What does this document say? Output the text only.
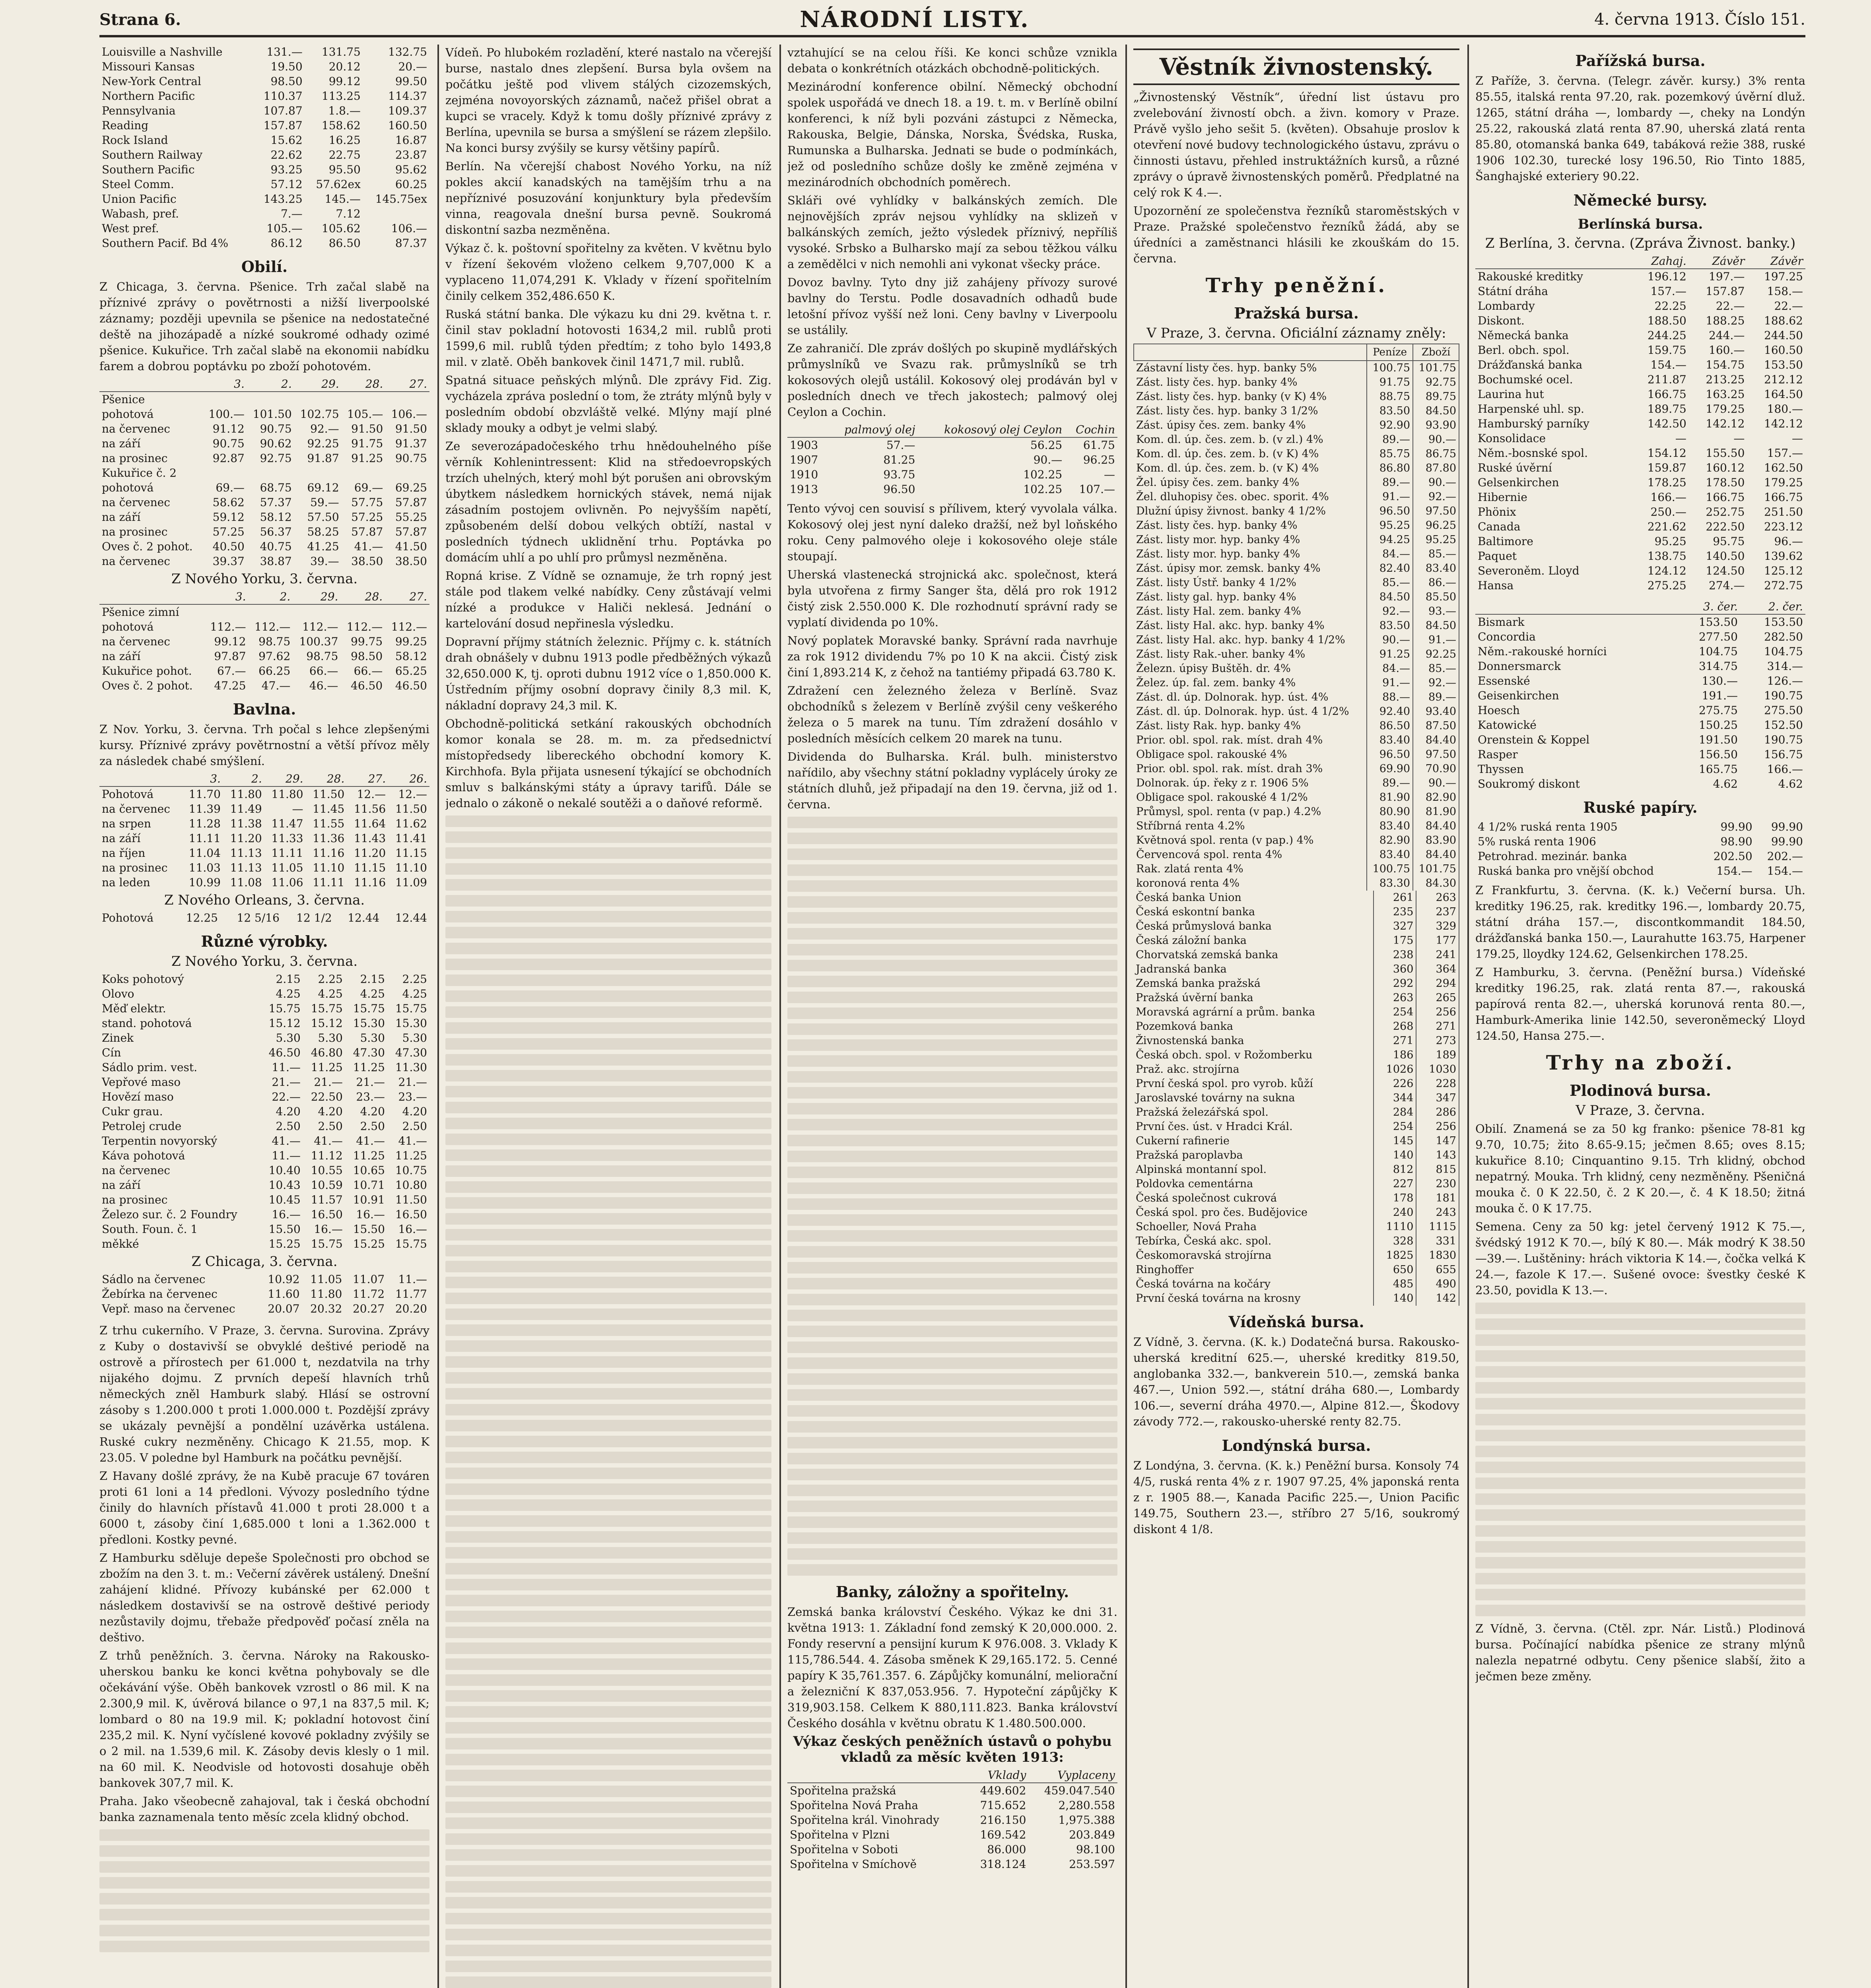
Strana 6.	NÁRODNÍ LISTY.	4. června 1913. Číslo 151.
Louisville a Nashville	131.—	131.75	132.75
Missouri Kansas	19.50	20.12	20.—
New-York Central	98.50	99.12	99.50
Northern Pacific	110.37	113.25	114.37
Pennsylvania	107.87	1.8.—	109.37
Reading	157.87	158.62	160.50
Rock Island	15.62	16.25	16.87
Southern Railway	22.62	22.75	23.87
Southern Pacific	93.25	95.50	95.62
Steel Comm.	57.12	57.62ex	60.25
Union Pacific	143.25	145.—	145.75ex
Wabash, pref.	7.—	7.12	
West pref.	105.—	105.62	106.—
Southern Pacif. Bd 4%	86.12	86.50	87.37
Obilí.

Z Chicaga, 3. června. Pšenice. Trh začal slabě na příznivé zprávy o povětrnosti a nižší liverpoolské záznamy; později upevnila se pšenice na nedostatečné deště na jihozápadě a nízké soukromé odhady ozimé pšenice. Kukuřice. Trh začal slabě na ekonomii nabídku farem a dobrou poptávku po zboží pohotovém.

	3.	2.	29.	28.	27.
Pšenice					
pohotová	100.—	101.50	102.75	105.—	106.—
na červenec	91.12	90.75	92.—	91.50	91.50
na září	90.75	90.62	92.25	91.75	91.37
na prosinec	92.87	92.75	91.87	91.25	90.75
Kukuřice č. 2					
pohotová	69.—	68.75	69.12	69.—	69.25
na červenec	58.62	57.37	59.—	57.75	57.87
na září	59.12	58.12	57.50	57.25	55.25
na prosinec	57.25	56.37	58.25	57.87	57.87
Oves č. 2 pohot.	40.50	40.75	41.25	41.—	41.50
na červenec	39.37	38.87	39.—	38.50	38.50
Z Nového Yorku, 3. června.
	3.	2.	29.	28.	27.
Pšenice zimní					
pohotová	112.—	112.—	112.—	112.—	112.—
na červenec	99.12	98.75	100.37	99.75	99.25
na září	97.87	97.62	98.75	98.50	58.12
Kukuřice pohot.	67.—	66.25	66.—	66.—	65.25
Oves č. 2 pohot.	47.25	47.—	46.—	46.50	46.50
Bavlna.

Z Nov. Yorku, 3. června. Trh počal s lehce zlepšenými kursy. Příznivé zprávy povětrnostní a větší přívoz měly za následek chabé smýšlení.

	3.	2.	29.	28.	27.	26.
Pohotová	11.70	11.80	11.80	11.50	12.—	12.—
na červenec	11.39	11.49	—	11.45	11.56	11.50
na srpen	11.28	11.38	11.47	11.55	11.64	11.62
na září	11.11	11.20	11.33	11.36	11.43	11.41
na říjen	11.04	11.13	11.11	11.16	11.20	11.15
na prosinec	11.03	11.13	11.05	11.10	11.15	11.10
na leden	10.99	11.08	11.06	11.11	11.16	11.09
Z Nového Orleans, 3. června.
Pohotová	12.25	12 5/16	12 1/2	12.44	12.44
Různé výrobky.
Z Nového Yorku, 3. června.
Koks pohotový	2.15	2.25	2.15	2.25
Olovo	4.25	4.25	4.25	4.25
Měď elektr.	15.75	15.75	15.75	15.75
stand. pohotová	15.12	15.12	15.30	15.30
Zinek	5.30	5.30	5.30	5.30
Cín	46.50	46.80	47.30	47.30
Sádlo prim. vest.	11.—	11.25	11.25	11.30
Vepřové maso	21.—	21.—	21.—	21.—
Hovězí maso	22.—	22.50	23.—	23.—
Cukr grau.	4.20	4.20	4.20	4.20
Petrolej crude	2.50	2.50	2.50	2.50
Terpentin novyorský	41.—	41.—	41.—	41.—
Káva pohotová	11.—	11.12	11.25	11.25
na červenec	10.40	10.55	10.65	10.75
na září	10.43	10.59	10.71	10.80
na prosinec	10.45	11.57	10.91	11.50
Železo sur. č. 2 Foundry	16.—	16.50	16.—	16.50
South. Foun. č. 1	15.50	16.—	15.50	16.—
měkké	15.25	15.75	15.25	15.75
Z Chicaga, 3. června.
Sádlo na červenec	10.92	11.05	11.07	11.—
Žebírka na červenec	11.60	11.80	11.72	11.77
Vepř. maso na červenec	20.07	20.32	20.27	20.20

Z trhu cukerního. V Praze, 3. června. Surovina. Zprávy z Kuby o dostavivší se obvyklé deštivé periodě na ostrově a přírostech per 61.000 t, nezdatvila na trhy nijakého dojmu. Z prvních depeší hlavních trhů německých zněl Hamburk slabý. Hlásí se ostrovní zásoby s 1.200.000 t proti 1.000.000 t. Pozdější zprávy se ukázaly pevnější a pondělní uzávěrka ustálena. Ruské cukry nezměněny. Chicago K 21.55, mop. K 23.05. V poledne byl Hamburk na počátku pevnější.

Z Havany došlé zprávy, že na Kubě pracuje 67 továren proti 61 loni a 14 předloni. Vývozy posledního týdne činily do hlavních přístavů 41.000 t proti 28.000 t a 6000 t, zásoby činí 1,685.000 t loni a 1.362.000 t předloni. Kostky pevné.

Z Hamburku sděluje depeše Společnosti pro obchod se zbožím na den 3. t. m.: Večerní závěrek ustálený. Dnešní zahájení klidné. Přívozy kubánské per 62.000 t následkem dostavivší se na ostrově deštivé periody nezůstavily dojmu, třebaže předpověď počasí zněla na deštivo.

Z trhů peněžních. 3. června. Nároky na Rakousko-uherskou banku ke konci května pohybovaly se dle očekávání výše. Oběh bankovek vzrostl o 86 mil. K na 2.300,9 mil. K, úvěrová bilance o 97,1 na 837,5 mil. K; lombard o 80 na 19.9 mil. K; pokladní hotovost činí 235,2 mil. K. Nyní vyčíslené kovové pokladny zvýšily se o 2 mil. na 1.539,6 mil. K. Zásoby devis klesly o 1 mil. na 60 mil. K. Neodvisle od hotovosti dosahuje oběh bankovek 307,7 mil. K.

Praha. Jako všeobecně zahajoval, tak i česká obchodní banka zaznamenala tento měsíc zcela klidný obchod.

Vídeň. Po hlubokém rozladění, které nastalo na včerejší burse, nastalo dnes zlepšení. Bursa byla ovšem na počátku ještě pod vlivem stálých cizozemských, zejména novoyorských záznamů, načež přišel obrat a kupci se vracely. Když k tomu došly příznivé zprávy z Berlína, upevnila se bursa a smýšlení se rázem zlepšilo. Na konci bursy zvýšily se kursy většiny papírů.

Berlín. Na včerejší chabost Nového Yorku, na níž pokles akcií kanadských na tamějším trhu a na nepříznivé posuzování konjunktury byla především vinna, reagovala dnešní bursa pevně. Soukromá diskontní sazba nezměněna.

Výkaz č. k. poštovní spořitelny za květen. V květnu bylo v řízení šekovém vloženo celkem 9,707,000 K a vyplaceno 11,074,291 K. Vklady v řízení spořitelním činily celkem 352,486.650 K.

Ruská státní banka. Dle výkazu ku dni 29. května t. r. činil stav pokladní hotovosti 1634,2 mil. rublů proti 1599,6 mil. rublů týden předtím; z toho bylo 1493,8 mil. v zlatě. Oběh bankovek činil 1471,7 mil. rublů.

Spatná situace peňských mlýnů. Dle zprávy Fid. Zig. vycházela zpráva poslední o tom, že ztráty mlýnů byly v posledním období obzvláště velké. Mlýny mají plné sklady mouky a odbyt je velmi slabý.

Ze severozápadočeského trhu hnědouhelného píše věrník Kohlenintressent: Klid na středoevropských trzích uhelných, který mohl být porušen ani obrovským úbytkem následkem hornických stávek, nemá nijak zásadním postojem ovlivněn. Po nejvyšším napětí, způsobeném delší dobou velkých obtíží, nastal v posledních týdnech uklidnění trhu. Poptávka po domácím uhlí a po uhlí pro průmysl nezměněna.

Ropná krise. Z Vídně se oznamuje, že trh ropný jest stále pod tlakem velké nabídky. Ceny zůstávají velmi nízké a produkce v Haliči neklesá. Jednání o kartelování dosud nepřinesla výsledku.

Dopravní příjmy státních železnic. Příjmy c. k. státních drah obnášely v dubnu 1913 podle předběžných výkazů 32,650.000 K, tj. oproti dubnu 1912 více o 1,850.000 K. Ústředním příjmy osobní dopravy činily 8,3 mil. K, nákladní dopravy 24,3 mil. K.

Obchodně-politická setkání rakouských obchodních komor konala se 28. m. m. za předsednictví místopředsedy libereckého obchodní komory K. Kirchhofa. Byla přijata usnesení týkající se obchodních smluv s balkánskými státy a úpravy tarifů. Dále se jednalo o zákoně o nekalé soutěži a o daňové reformě.

vztahující se na celou říši. Ke konci schůze vznikla debata o konkrétních otázkách obchodně-politických.

Mezinárodní konference obilní. Německý obchodní spolek uspořádá ve dnech 18. a 19. t. m. v Berlíně obilní konferenci, k níž byli pozváni zástupci z Německa, Rakouska, Belgie, Dánska, Norska, Švédska, Ruska, Rumunska a Bulharska. Jednati se bude o podmínkách, jež od posledního schůze došly ke změně zejména v mezinárodních obchodních poměrech.

Skláři ové vyhlídky v balkánských zemích. Dle nejnovějších zpráv nejsou vyhlídky na sklizeň v balkánských zemích, ježto výsledek příznivý, nepříliš vysoké. Srbsko a Bulharsko mají za sebou těžkou válku a zemědělci v nich nemohli ani vykonat všecky práce.

Dovoz bavlny. Tyto dny již zahájeny přívozy surové bavlny do Terstu. Podle dosavadních odhadů bude letošní přívoz vyšší než loni. Ceny bavlny v Liverpoolu se ustálily.

Ze zahraničí. Dle zpráv došlých po skupině mydlářských průmyslníků ve Svazu rak. průmyslníků se trh kokosových olejů ustálil. Kokosový olej prodáván byl v posledních dnech ve třech jakostech; palmový olej Ceylon a Cochin.

	palmový olej	kokosový olej Ceylon	Cochin
1903	57.—	56.25	61.75
1907	81.25	90.—	96.25
1910	93.75	102.25	—
1913	96.50	102.25	107.—

Tento vývoj cen souvisí s přílivem, který vyvolala válka. Kokosový olej jest nyní daleko dražší, než byl loňského roku. Ceny palmového oleje i kokosového oleje stále stoupají.

Uherská vlastenecká strojnická akc. společnost, která byla utvořena z firmy Sanger šta, dělá pro rok 1912 čistý zisk 2.550.000 K. Dle rozhodnutí správní rady se vyplatí dividenda po 10%.

Nový poplatek Moravské banky. Správní rada navrhuje za rok 1912 dividendu 7% po 10 K na akcii. Čistý zisk činí 1,893.214 K, z čehož na tantiémy připadá 63.780 K.

Zdražení cen železného železa v Berlíně. Svaz obchodníků s železem v Berlíně zvýšil ceny veškerého železa o 5 marek na tunu. Tím zdražení dosáhlo v posledních měsících celkem 20 marek na tunu.

Dividenda do Bulharska. Král. bulh. ministerstvo nařídilo, aby všechny státní pokladny vyplácely úroky ze státních dluhů, jež připadají na den 19. června, již od 1. června.

Banky, záložny a spořitelny.

Zemská banka království Českého. Výkaz ke dni 31. května 1913: 1. Základní fond zemský K 20,000.000. 2. Fondy reservní a pensijní kurum K 976.008. 3. Vklady K 115,786.544. 4. Zásoba směnek K 29,165.172. 5. Cenné papíry K 35,761.357. 6. Zápůjčky komunální, meliorační a železniční K 837,053.956. 7. Hypoteční zápůjčky K 319,903.158. Celkem K 880,111.823. Banka království Českého dosáhla v květnu obratu K 1.480.500.000.

Výkaz českých peněžních ústavů o pohybu vkladů za měsíc květen 1913:
	Vklady	Vyplaceny
Spořitelna pražská	449.602	459.047.540
Spořitelna Nová Praha	715.652	2,280.558
Spořitelna král. Vinohrady	216.150	1,975.388
Spořitelna v Plzni	169.542	203.849
Spořitelna v Soboti	86.000	98.100
Spořitelna v Smíchově	318.124	253.597
Věstník živnostenský.

„Živnostenský Věstník“, úřední list ústavu pro zvelebování živností obch. a živn. komory v Praze. Právě vyšlo jeho sešit 5. (květen). Obsahuje proslov k otevření nové budovy technologického ústavu, zprávu o činnosti ústavu, přehled instruktážních kursů, a různé zprávy o úpravě živnostenských poměrů. Předplatné na celý rok K 4.—.

Upozornění ze společenstva řezníků staroměstských v Praze. Pražské společenstvo řezníků žádá, aby se úředníci a zaměstnanci hlásili ke zkouškám do 15. června.

Trhy peněžní.
Pražská bursa.
V Praze, 3. června. Oficiální záznamy zněly:
	Peníze	Zboží
Zástavní listy čes. hyp. banky 5%	100.75	101.75
Zást. listy čes. hyp. banky 4%	91.75	92.75
Zást. listy čes. hyp. banky (v K) 4%	88.75	89.75
Zást. listy čes. hyp. banky 3 1/2%	83.50	84.50
Zást. úpisy čes. zem. banky 4%	92.90	93.90
Kom. dl. úp. čes. zem. b. (v zl.) 4%	89.—	90.—
Kom. dl. úp. čes. zem. b. (v K) 4%	85.75	86.75
Kom. dl. úp. čes. zem. b. (v K) 4%	86.80	87.80
Žel. úpisy čes. zem. banky 4%	89.—	90.—
Žel. dluhopisy čes. obec. sporit. 4%	91.—	92.—
Dlužní úpisy živnost. banky 4 1/2%	96.50	97.50
Zást. listy čes. hyp. banky 4%	95.25	96.25
Zást. listy mor. hyp. banky 4%	94.25	95.25
Zást. listy mor. hyp. banky 4%	84.—	85.—
Zást. úpisy mor. zemsk. banky 4%	82.40	83.40
Zást. listy Ústř. banky 4 1/2%	85.—	86.—
Zást. listy gal. hyp. banky 4%	84.50	85.50
Zást. listy Hal. zem. banky 4%	92.—	93.—
Zást. listy Hal. akc. hyp. banky 4%	83.50	84.50
Zást. listy Hal. akc. hyp. banky 4 1/2%	90.—	91.—
Zást. listy Rak.-uher. banky 4%	91.25	92.25
Železn. úpisy Buštěh. dr. 4%	84.—	85.—
Želez. úp. fal. zem. banky 4%	91.—	92.—
Zást. dl. úp. Dolnorak. hyp. úst. 4%	88.—	89.—
Zást. dl. úp. Dolnorak. hyp. úst. 4 1/2%	92.40	93.40
Zást. listy Rak. hyp. banky 4%	86.50	87.50
Prior. obl. spol. rak. míst. drah 4%	83.40	84.40
Obligace spol. rakouské 4%	96.50	97.50
Prior. obl. spol. rak. míst. drah 3%	69.90	70.90
Dolnorak. úp. řeky z r. 1906 5%	89.—	90.—
Obligace spol. rakouské 4 1/2%	81.90	82.90
Průmysl, spol. renta (v pap.) 4.2%	80.90	81.90
Stříbrná renta 4.2%	83.40	84.40
Květnová spol. renta (v pap.) 4%	82.90	83.90
Červencová spol. renta 4%	83.40	84.40
Rak. zlatá renta 4%	100.75	101.75
koronová renta 4%	83.30	84.30
Česká banka Union	261	263
Česká eskontní banka	235	237
Česká průmyslová banka	327	329
Česká záložní banka	175	177
Chorvatská zemská banka	238	241
Jadranská banka	360	364
Zemská banka pražská	292	294
Pražská úvěrní banka	263	265
Moravská agrární a prům. banka	254	256
Pozemková banka	268	271
Živnostenská banka	271	273
Česká obch. spol. v Rožomberku	186	189
Praž. akc. strojírna	1026	1030
První česká spol. pro vyrob. kůží	226	228
Jaroslavské továrny na sukna	344	347
Pražská železářská spol.	284	286
První čes. úst. v Hradci Král.	254	256
Cukerní rafinerie	145	147
Pražská paroplavba	140	143
Alpinská montanní spol.	812	815
Poldovka cementárna	227	230
Česká společnost cukrová	178	181
Česká spol. pro čes. Budějovice	240	243
Schoeller, Nová Praha	1110	1115
Tebírka, Česká akc. spol.	328	331
Českomoravská strojírna	1825	1830
Ringhoffer	650	655
Česká továrna na kočáry	485	490
První česká továrna na krosny	140	142
Vídeňská bursa.

Z Vídně, 3. června. (K. k.) Dodatečná bursa. Rakousko-uherská kreditní 625.—, uherské kreditky 819.50, anglobanka 332.—, bankverein 510.—, zemská banka 467.—, Union 592.—, státní dráha 680.—, Lombardy 106.—, severní dráha 4970.—, Alpine 812.—, Škodovy závody 772.—, rakousko-uherské renty 82.75.

Londýnská bursa.

Z Londýna, 3. června. (K. k.) Peněžní bursa. Konsoly 74 4/5, ruská renta 4% z r. 1907 97.25, 4% japonská renta z r. 1905 88.—, Kanada Pacific 225.—, Union Pacific 149.75, Southern 23.—, stříbro 27 5/16, soukromý diskont 4 1/8.

Pařížská bursa.

Z Paříže, 3. června. (Telegr. závěr. kursy.) 3% renta 85.55, italská renta 97.20, rak. pozemkový úvěrní dluž. 1265, státní dráha —, lombardy —, cheky na Londýn 25.22, rakouská zlatá renta 87.90, uherská zlatá renta 85.80, otomanská banka 649, tabáková režie 388, ruské 1906 102.30, turecké losy 196.50, Rio Tinto 1885, Šanghajské exteriery 90.22.

Německé bursy.
Berlínská bursa.
Z Berlína, 3. června. (Zpráva Živnost. banky.)
	Zahaj.	Závěr	Závěr
Rakouské kreditky	196.12	197.—	197.25
Státní dráha	157.—	157.87	158.—
Lombardy	22.25	22.—	22.—
Diskont.	188.50	188.25	188.62
Německá banka	244.25	244.—	244.50
Berl. obch. spol.	159.75	160.—	160.50
Drážďanská banka	154.—	154.75	153.50
Bochumské ocel.	211.87	213.25	212.12
Laurina hut	166.75	163.25	164.50
Harpenské uhl. sp.	189.75	179.25	180.—
Hamburský parníky	142.50	142.12	142.12
Konsolidace	—	—	—
Něm.-bosnské spol.	154.12	155.50	157.—
Ruské úvěrní	159.87	160.12	162.50
Gelsenkirchen	178.25	178.50	179.25
Hibernie	166.—	166.75	166.75
Phönix	250.—	252.75	251.50
Canada	221.62	222.50	223.12
Baltimore	95.25	95.75	96.—
Paquet	138.75	140.50	139.62
Severoněm. Lloyd	124.12	124.50	125.12
Hansa	275.25	274.—	272.75
	3. čer.	2. čer.
Bismark	153.50	153.50
Concordia	277.50	282.50
Něm.-rakouské horníci	104.75	104.75
Donnersmarck	314.75	314.—
Essenské	130.—	126.—
Geisenkirchen	191.—	190.75
Hoesch	275.75	275.50
Katowické	150.25	152.50
Orenstein & Koppel	191.50	190.75
Rasper	156.50	156.75
Thyssen	165.75	166.—
Soukromý diskont	4.62	4.62
Ruské papíry.
4 1/2% ruská renta 1905	99.90	99.90
5% ruská renta 1906	98.90	99.90
Petrohrad. mezinár. banka	202.50	202.—
Ruská banka pro vnější obchod	154.—	154.—

Z Frankfurtu, 3. června. (K. k.) Večerní bursa. Uh. kreditky 196.25, rak. kreditky 196.—, lombardy 20.75, státní dráha 157.—, discontkommandit 184.50, drážďanská banka 150.—, Laurahutte 163.75, Harpener 179.25, lloydky 124.62, Gelsenkirchen 178.25.

Z Hamburku, 3. června. (Peněžní bursa.) Vídeňské kreditky 196.25, rak. zlatá renta 87.—, rakouská papírová renta 82.—, uherská korunová renta 80.—, Hamburk-Amerika linie 142.50, severoněmecký Lloyd 124.50, Hansa 275.—.

Trhy na zboží.
Plodinová bursa.
V Praze, 3. června.

Obilí. Znamená se za 50 kg franko: pšenice 78-81 kg 9.70, 10.75; žito 8.65-9.15; ječmen 8.65; oves 8.15; kukuřice 8.10; Cinquantino 9.15. Trh klidný, obchod nepatrný. Mouka. Trh klidný, ceny nezměněny. Pšeničná mouka č. 0 K 22.50, č. 2 K 20.—, č. 4 K 18.50; žitná mouka č. 0 K 17.75.

Semena. Ceny za 50 kg: jetel červený 1912 K 75.—, švédský 1912 K 70.—, bílý K 80.—. Mák modrý K 38.50—39.—. Luštěniny: hrách viktoria K 14.—, čočka velká K 24.—, fazole K 17.—. Sušené ovoce: švestky české K 23.50, povidla K 13.—.

Z Vídně, 3. června. (Ctěl. zpr. Nár. Listů.) Plodinová bursa. Počínající nabídka pšenice ze strany mlýnů nalezla nepatrné odbytu. Ceny pšenice slabší, žito a ječmen beze změny.
